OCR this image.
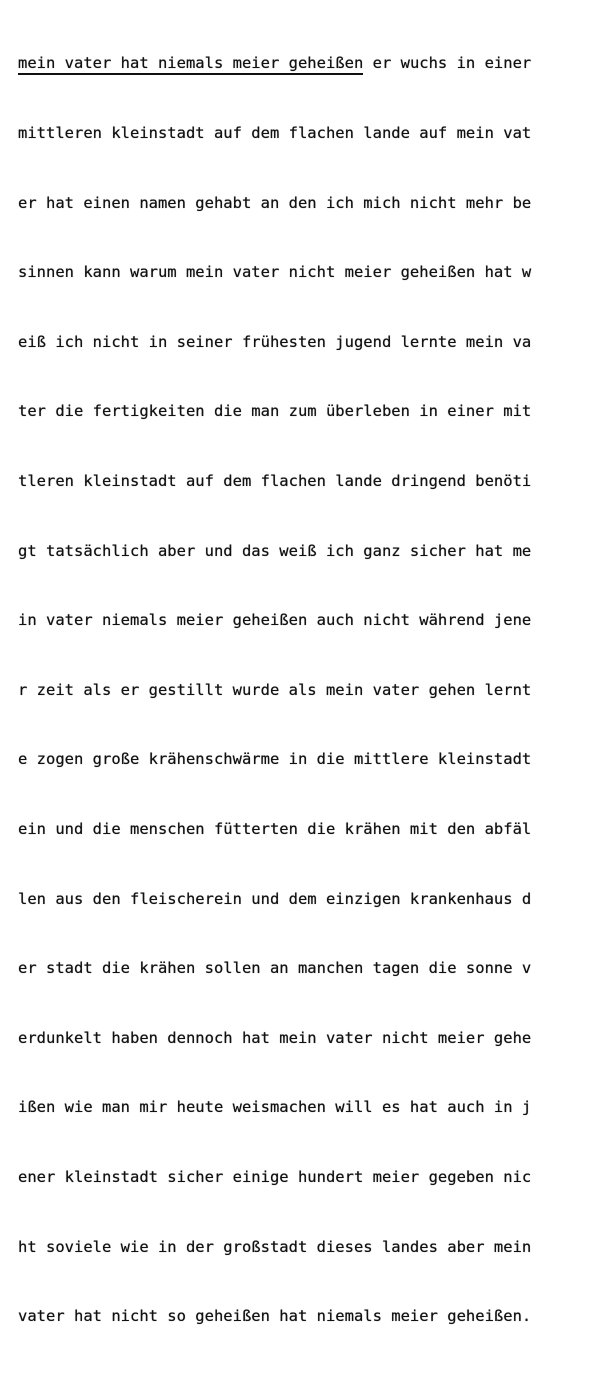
mein vater hat niemals meier geheißen er wuchs in einer

mittleren kleinstadt auf dem flachen lande auf mein vat

er hat einen namen gehabt an den ich mich nicht mehr be

sinnen kann warum mein vater nicht meier geheißen hat w

eiß ich nicht in seiner frühesten jugend lernte mein va

ter die fertigkeiten die man zum überleben in einer mit

tleren kleinstadt auf dem flachen lande dringend benöti

gt tatsächlich aber und das weiß ich ganz sicher hat me

in vater niemals meier geheißen auch nicht während jene

r zeit als er gestillt wurde als mein vater gehen lernt

e zogen große krähenschwärme in die mittlere kleinstadt

ein und die menschen fütterten die krähen mit den abfäl

len aus den fleischerein und dem einzigen krankenhaus d

er stadt die krähen sollen an manchen tagen die sonne v

erdunkelt haben dennoch hat mein vater nicht meier gehe

ißen wie man mir heute weismachen will es hat auch in j

ener kleinstadt sicher einige hundert meier gegeben nic

ht soviele wie in der großstadt dieses landes aber mein

vater hat nicht so geheißen hat niemals meier geheißen.
